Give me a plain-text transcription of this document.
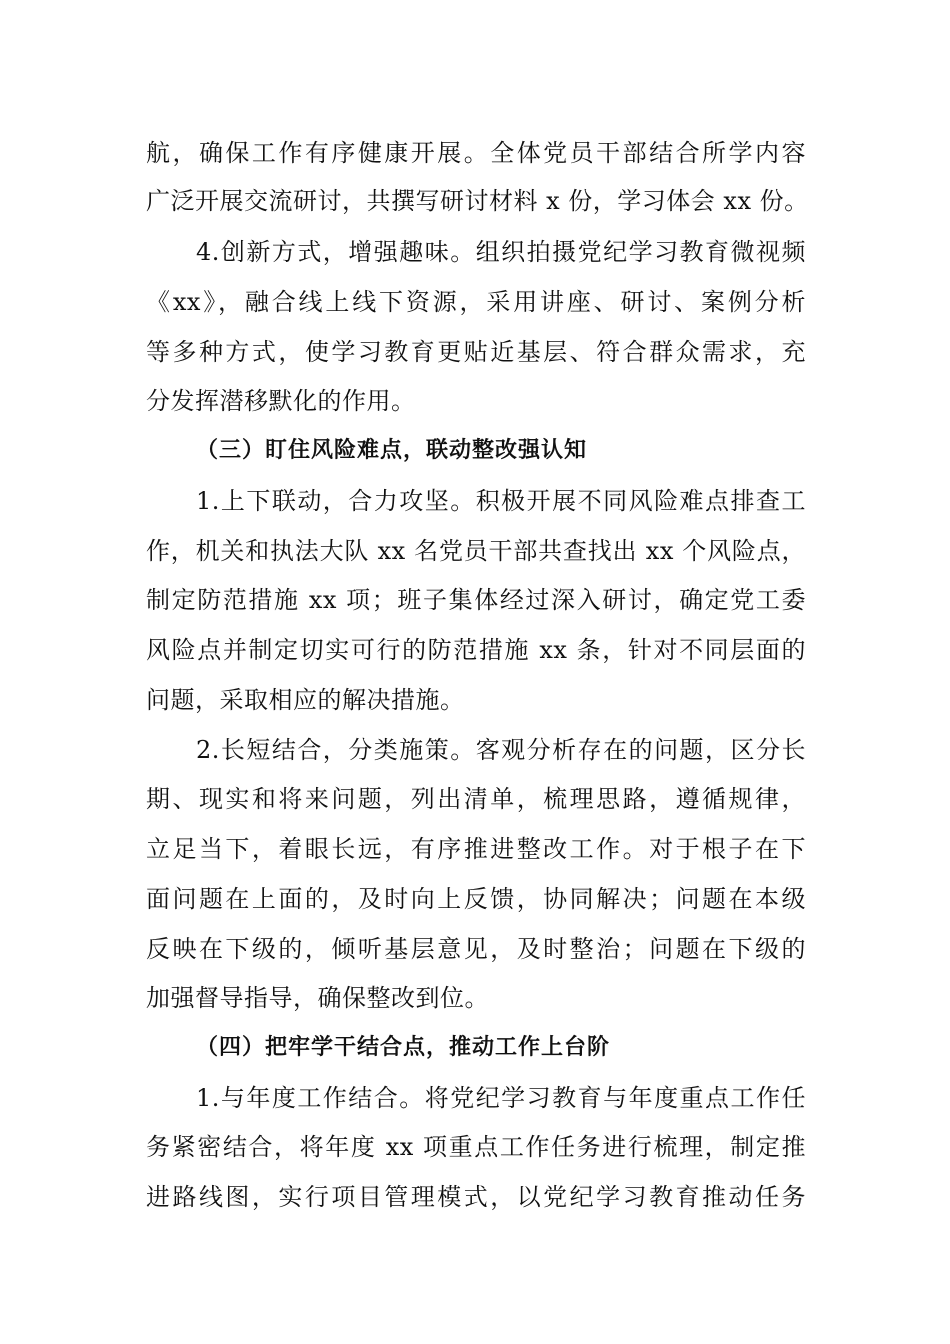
航，确保工作有序健康开展。全体党员干部结合所学内容
广泛开展交流研讨，共撰写研讨材料 x 份，学习体会 xx 份。
4.创新方式，增强趣味。组织拍摄党纪学习教育微视频
《xx》，融合线上线下资源，采用讲座、研讨、案例分析
等多种方式，使学习教育更贴近基层、符合群众需求，充
分发挥潜移默化的作用。
（三）盯住风险难点，联动整改强认知
1.上下联动，合力攻坚。积极开展不同风险难点排查工
作，机关和执法大队 xx 名党员干部共查找出 xx 个风险点，
制定防范措施 xx 项；班子集体经过深入研讨，确定党工委
风险点并制定切实可行的防范措施 xx 条，针对不同层面的
问题，采取相应的解决措施。
2.长短结合，分类施策。客观分析存在的问题，区分长
期、现实和将来问题，列出清单，梳理思路，遵循规律，
立足当下，着眼长远，有序推进整改工作。对于根子在下
面问题在上面的，及时向上反馈，协同解决；问题在本级
反映在下级的，倾听基层意见，及时整治；问题在下级的
加强督导指导，确保整改到位。
（四）把牢学干结合点，推动工作上台阶
1.与年度工作结合。将党纪学习教育与年度重点工作任
务紧密结合，将年度 xx 项重点工作任务进行梳理，制定推
进路线图，实行项目管理模式，以党纪学习教育推动任务
